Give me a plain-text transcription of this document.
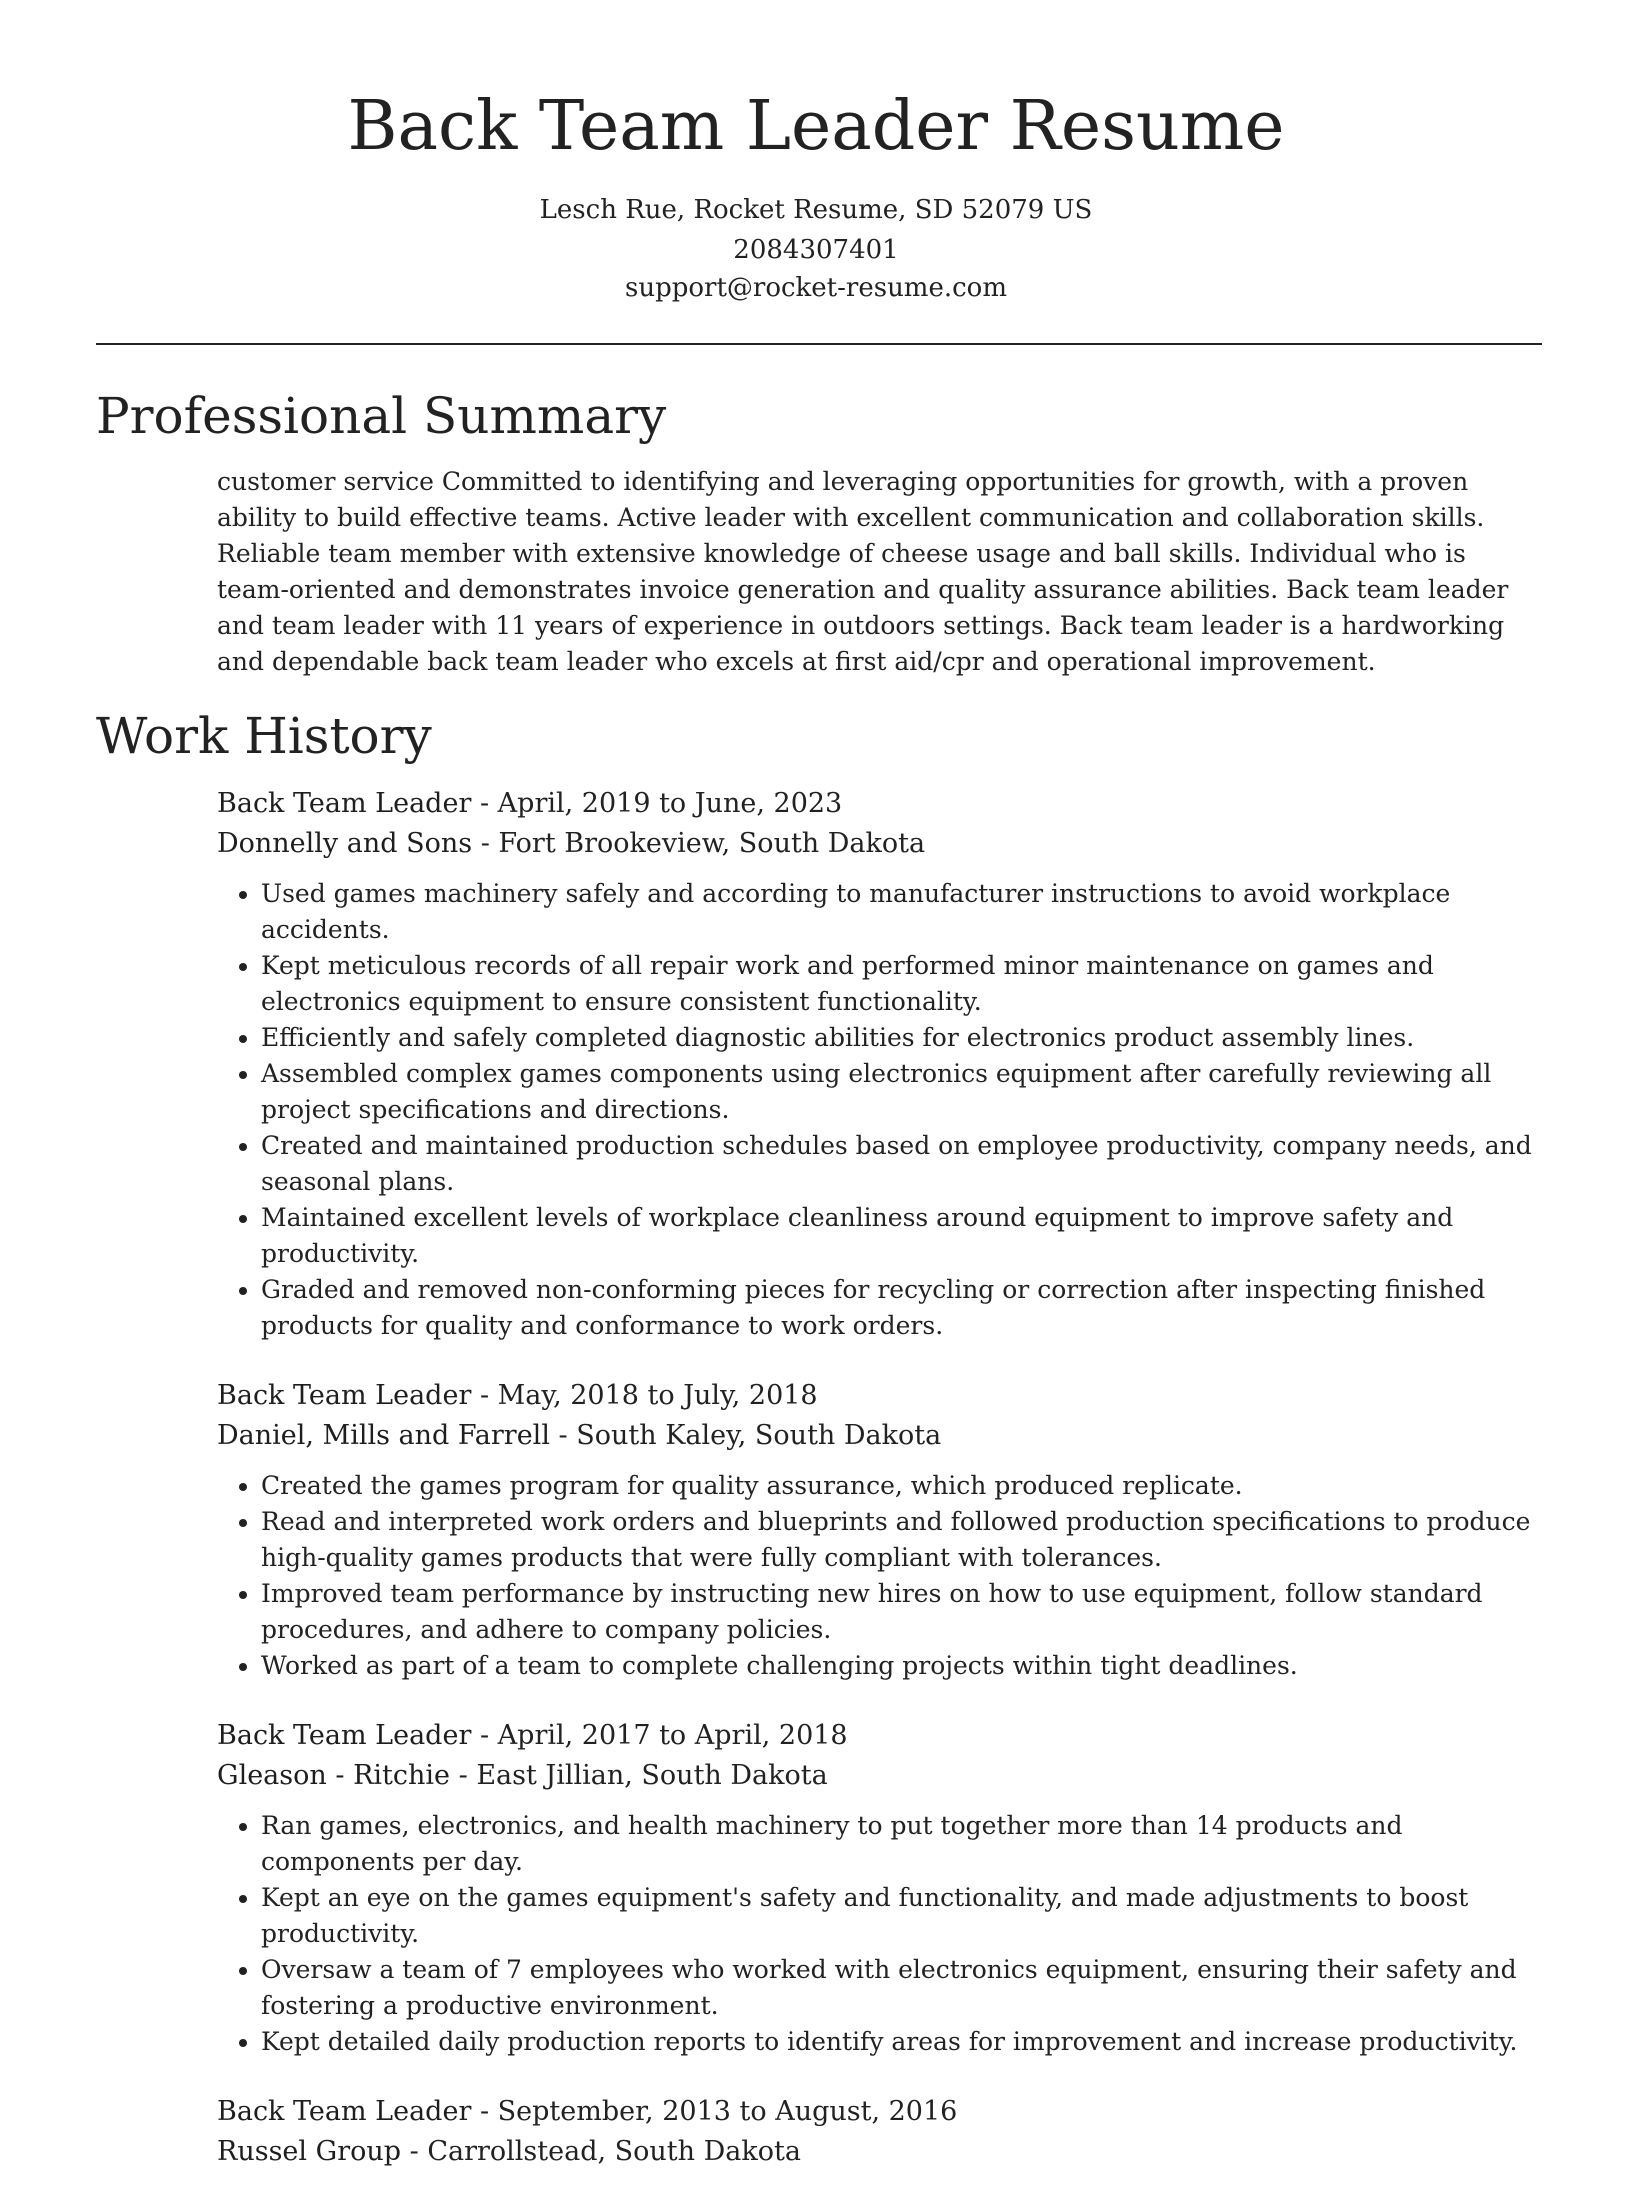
Back Team Leader Resume
Lesch Rue, Rocket Resume, SD 52079 US
2084307401
support@rocket-resume.com
Professional Summary

customer service Committed to identifying and leveraging opportunities for growth, with a proven ability to build effective teams. Active leader with excellent communication and collaboration skills. Reliable team member with extensive knowledge of cheese usage and ball skills. Individual who is team-oriented and demonstrates invoice generation and quality assurance abilities. Back team leader and team leader with 11 years of experience in outdoors settings. Back team leader is a hardworking and dependable back team leader who excels at first aid/cpr and operational improvement.

Work History
Back Team Leader - April, 2019 to June, 2023
Donnelly and Sons - Fort Brookeview, South Dakota
• Used games machinery safely and according to manufacturer instructions to avoid workplace accidents.
• Kept meticulous records of all repair work and performed minor maintenance on games and electronics equipment to ensure consistent functionality.
• Efficiently and safely completed diagnostic abilities for electronics product assembly lines.
• Assembled complex games components using electronics equipment after carefully reviewing all project specifications and directions.
• Created and maintained production schedules based on employee productivity, company needs, and seasonal plans.
• Maintained excellent levels of workplace cleanliness around equipment to improve safety and productivity.
• Graded and removed non-conforming pieces for recycling or correction after inspecting finished products for quality and conformance to work orders.
Back Team Leader - May, 2018 to July, 2018
Daniel, Mills and Farrell - South Kaley, South Dakota
• Created the games program for quality assurance, which produced replicate.
• Read and interpreted work orders and blueprints and followed production specifications to produce high-quality games products that were fully compliant with tolerances.
• Improved team performance by instructing new hires on how to use equipment, follow standard procedures, and adhere to company policies.
• Worked as part of a team to complete challenging projects within tight deadlines.
Back Team Leader - April, 2017 to April, 2018
Gleason - Ritchie - East Jillian, South Dakota
• Ran games, electronics, and health machinery to put together more than 14 products and components per day.
• Kept an eye on the games equipment's safety and functionality, and made adjustments to boost productivity.
• Oversaw a team of 7 employees who worked with electronics equipment, ensuring their safety and fostering a productive environment.
• Kept detailed daily production reports to identify areas for improvement and increase productivity.
Back Team Leader - September, 2013 to August, 2016
Russel Group - Carrollstead, South Dakota
